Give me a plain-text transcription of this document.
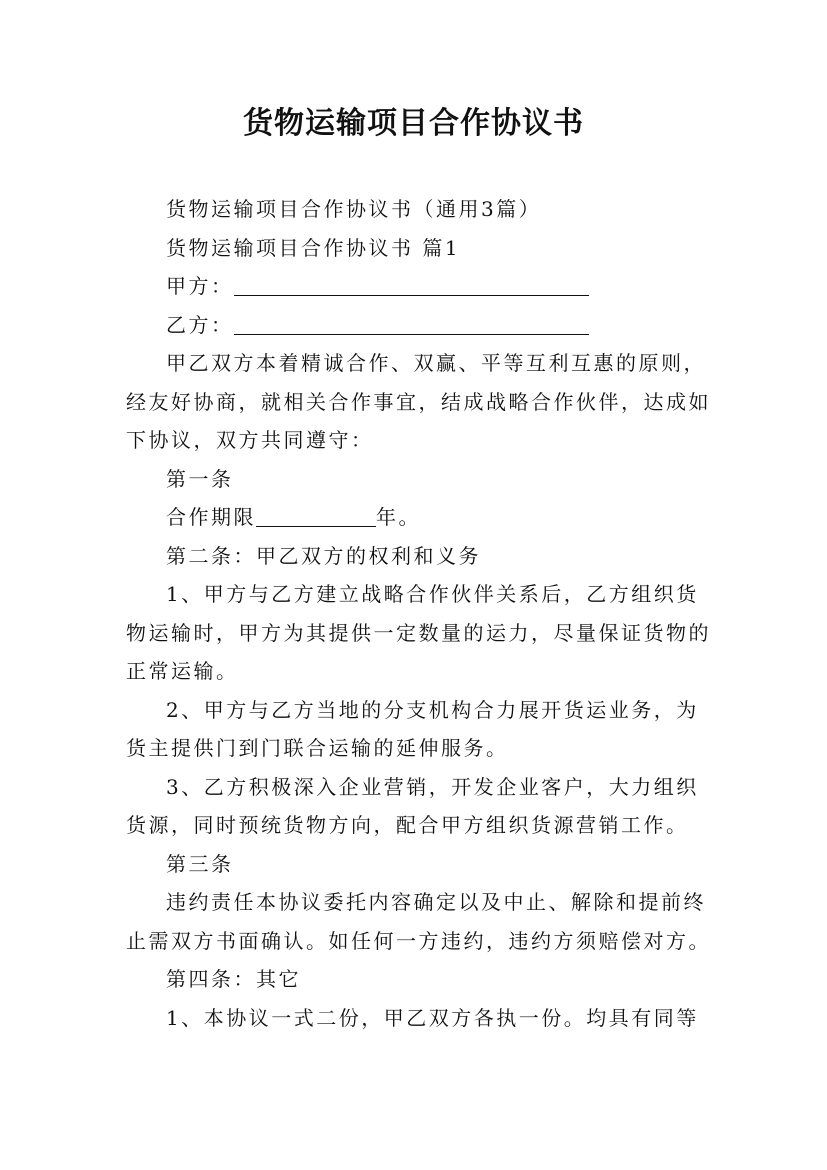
货物运输项目合作协议书

货物运输项目合作协议书（通用3篇）

货物运输项目合作协议书 篇1

甲方：

乙方：

甲乙双方本着精诚合作、双赢、平等互利互惠的原则，经友好协商，就相关合作事宜，结成战略合作伙伴，达成如下协议，双方共同遵守：

第一条

合作期限	年。

第二条：甲乙双方的权利和义务

1、甲方与乙方建立战略合作伙伴关系后，乙方组织货物运输时，甲方为其提供一定数量的运力，尽量保证货物的正常运输。

2、甲方与乙方当地的分支机构合力展开货运业务，为货主提供门到门联合运输的延伸服务。

3、乙方积极深入企业营销，开发企业客户，大力组织货源，同时预统货物方向，配合甲方组织货源营销工作。

第三条

违约责任本协议委托内容确定以及中止、解除和提前终止需双方书面确认。如任何一方违约，违约方须赔偿对方。

第四条：其它

1、本协议一式二份，甲乙双方各执一份。均具有同等
